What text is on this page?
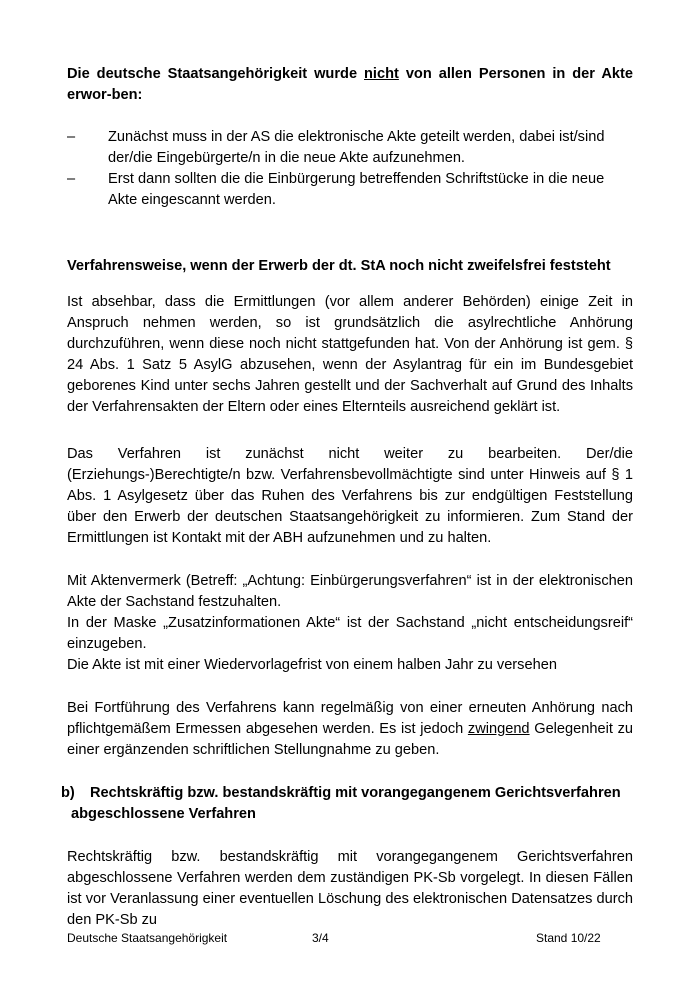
Die deutsche Staatsangehörigkeit wurde nicht von allen Personen in der Akte erwor-ben:

– Zunächst muss in der AS die elektronische Akte geteilt werden, dabei ist/sind der/die Eingebürgerte/n in die neue Akte aufzunehmen.
– Erst dann sollten die die Einbürgerung betreffenden Schriftstücke in die neue Akte eingescannt werden.

Verfahrensweise, wenn der Erwerb der dt. StA noch nicht zweifelsfrei feststeht

Ist absehbar, dass die Ermittlungen (vor allem anderer Behörden) einige Zeit in Anspruch nehmen werden, so ist grundsätzlich die asylrechtliche Anhörung durchzuführen, wenn diese noch nicht stattgefunden hat. Von der Anhörung ist gem. § 24 Abs. 1 Satz 5 AsylG abzusehen, wenn der Asylantrag für ein im Bundesgebiet geborenes Kind unter sechs Jahren gestellt und der Sachverhalt auf Grund des Inhalts der Verfahrensakten der Eltern oder eines Elternteils ausreichend geklärt ist.

Das Verfahren ist zunächst nicht weiter zu bearbeiten. Der/die (Erziehungs-)Berechtigte/n bzw. Verfahrensbevollmächtigte sind unter Hinweis auf § 1 Abs. 1 Asylgesetz über das Ruhen des Verfahrens bis zur endgültigen Feststellung über den Erwerb der deutschen Staatsangehörigkeit zu informieren. Zum Stand der Ermittlungen ist Kontakt mit der ABH aufzunehmen und zu halten.

Mit Aktenvermerk (Betreff: „Achtung: Einbürgerungsverfahren“ ist in der elektronischen Akte der Sachstand festzuhalten.
In der Maske „Zusatzinformationen Akte“ ist der Sachstand „nicht entscheidungsreif“ einzugeben.
Die Akte ist mit einer Wiedervorlagefrist von einem halben Jahr zu versehen

Bei Fortführung des Verfahrens kann regelmäßig von einer erneuten Anhörung nach pflichtgemäßem Ermessen abgesehen werden. Es ist jedoch zwingend Gelegenheit zu einer ergänzenden schriftlichen Stellungnahme zu geben.

b)	Rechtskräftig bzw. bestandskräftig mit vorangegangenem Gerichtsverfahren abgeschlossene Verfahren

Rechtskräftig bzw. bestandskräftig mit vorangegangenem Gerichtsverfahren abgeschlossene Verfahren werden dem zuständigen PK-Sb vorgelegt. In diesen Fällen ist vor Veranlassung einer eventuellen Löschung des elektronischen Datensatzes durch den PK-Sb zu

Deutsche Staatsangehörigkeit	3/4	Stand 10/22
